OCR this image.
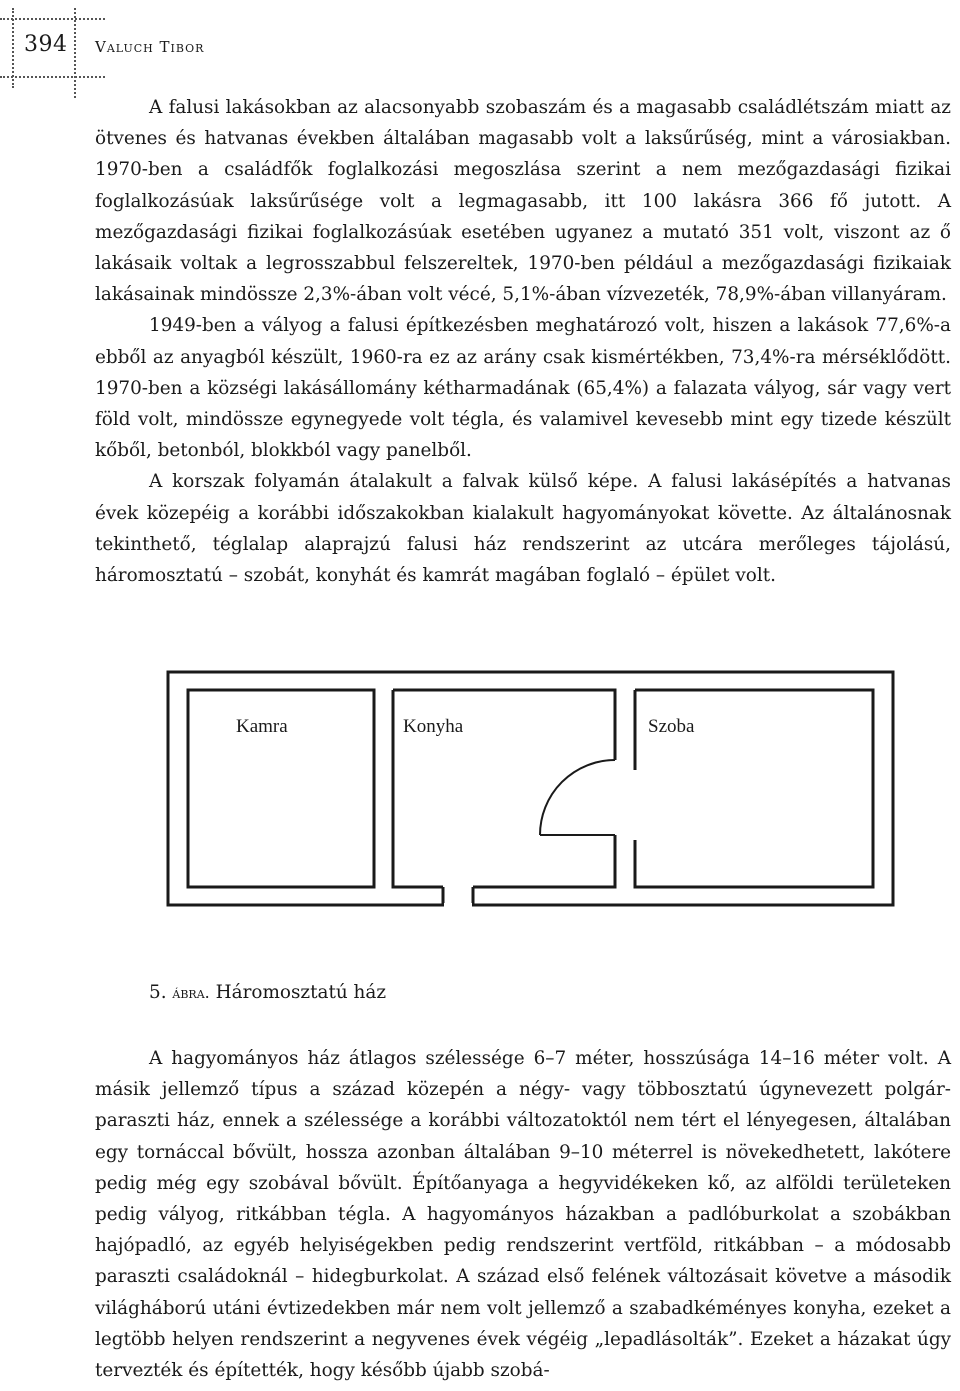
394 Valuch Tibor

A falusi lakásokban az alacsonyabb szobaszám és a magasabb családlétszám miatt az ötvenes és hatvanas években általában magasabb volt a laksűrűség, mint a városiakban. 1970-ben a családfők foglalkozási megoszlása szerint a nem mezőgazdasági fizikai foglalkozásúak laksűrűsége volt a legmagasabb, itt 100 lakásra 366 fő jutott. A mezőgazdasági fizikai foglalkozásúak esetében ugyanez a mutató 351 volt, viszont az ő lakásaik voltak a legrosszabbul felszereltek, 1970-ben például a mezőgazdasági fizikaiak lakásainak mindössze 2,3%-ában volt vécé, 5,1%-ában vízvezeték, 78,9%-ában villanyáram.

1949-ben a vályog a falusi építkezésben meghatározó volt, hiszen a lakások 77,6%-a ebből az anyagból készült, 1960-ra ez az arány csak kismértékben, 73,4%-ra mérséklődött. 1970-ben a községi lakásállomány kétharmadának (65,4%) a falazata vályog, sár vagy vert föld volt, mindössze egynegyede volt tégla, és valamivel kevesebb mint egy tizede készült kőből, betonból, blokkból vagy panelből.

A korszak folyamán átalakult a falvak külső képe. A falusi lakásépítés a hatvanas évek közepéig a korábbi időszakokban kialakult hagyományokat követte. Az általánosnak tekinthető, téglalap alaprajzú falusi ház rendszerint az utcára merőleges tájolású, háromosztatú – szobát, konyhát és kamrát magában foglaló – épület volt.

Kamra	Konyha	Szoba
5. ábra. Háromosztatú ház

A hagyományos ház átlagos szélessége 6–7 méter, hosszúsága 14–16 méter volt. A másik jellemző típus a század közepén a négy- vagy többosztatú úgynevezett polgár-paraszti ház, ennek a szélessége a korábbi változatoktól nem tért el lényegesen, általában egy tornáccal bővült, hossza azonban általában 9–10 méterrel is növekedhetett, lakótere pedig még egy szobával bővült. Építőanyaga a hegyvidékeken kő, az alföldi területeken pedig vályog, ritkábban tégla. A hagyományos házakban a padlóburkolat a szobákban hajópadló, az egyéb helyiségekben pedig rendszerint vertföld, ritkábban – a módosabb paraszti családoknál – hidegburkolat. A század első felének változásait követve a második világháború utáni évtizedekben már nem volt jellemző a szabadkéményes konyha, ezeket a legtöbb helyen rendszerint a negyvenes évek végéig „lepadlásolták”. Ezeket a házakat úgy tervezték és építették, hogy később újabb szobá-
